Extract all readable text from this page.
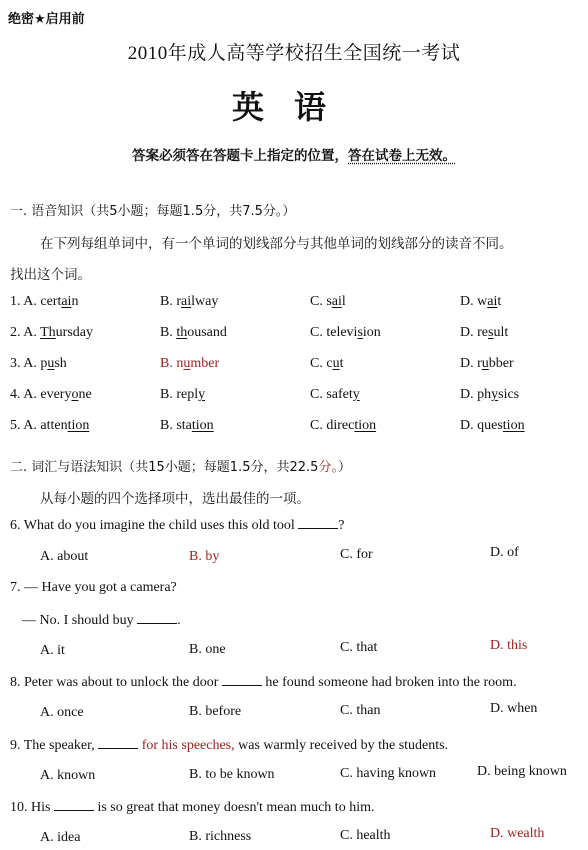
绝密★启用前
2010年成人高等学校招生全国统一考试
英语
答案必须答在答题卡上指定的位置，答在试卷上无效。
一. 语音知识（共5小题；每题1.5分，共7.5分。）
在下列每组单词中，有一个单词的划线部分与其他单词的划线部分的读音不同。
找出这个词。
1. A. certain	B. railway	C. sail	D. wait
2. A. Thursday	B. thousand	C. television	D. result
3. A. push	B. number	C. cut	D. rubber
4. A. everyone	B. reply	C. safety	D. physics
5. A. attention	B. station	C. direction	D. question
二. 词汇与语法知识（共15小题；每题1.5分，共22.5分。）
从每小题的四个选择项中，选出最佳的一项。
6. What do you imagine the child uses this old tool	?
A. about	B. by	C. for	D. of
7. — Have you got a camera?
— No. I should buy	.
A. it	B. one	C. that	D. this
8. Peter was about to unlock the door	he found someone had broken into the room.
A. once	B. before	C. than	D. when
9. The speaker,	for his speeches, was warmly received by the students.
A. known	B. to be known	C. having known	D. being known
10. His	is so great that money doesn't mean much to him.
A. idea	B. richness	C. health	D. wealth
